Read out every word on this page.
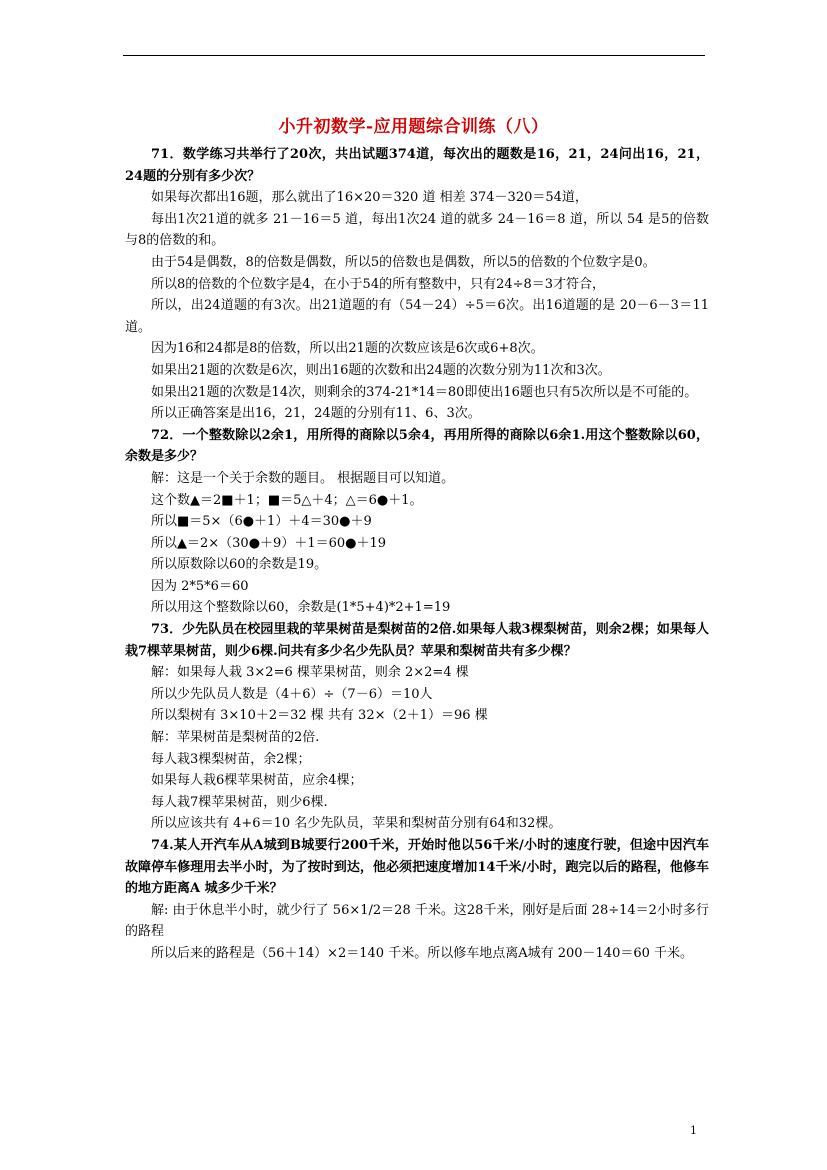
小升初数学-应用题综合训练（八）

71．数学练习共举行了20次，共出试题374道，每次出的题数是16，21，24问出16，21，24题的分别有多少次？

如果每次都出16题，那么就出了16×20＝320 道 相差 374－320＝54道，

每出1次21道的就多 21－16＝5 道，每出1次24 道的就多 24－16＝8 道，所以 54 是5的倍数与8的倍数的和。

由于54是偶数，8的倍数是偶数，所以5的倍数也是偶数，所以5的倍数的个位数字是0。

所以8的倍数的个位数字是4，在小于54的所有整数中，只有24÷8＝3才符合，

所以，出24道题的有3次。出21道题的有（54－24）÷5＝6次。出16道题的是 20－6－3＝11道。

因为16和24都是8的倍数，所以出21题的次数应该是6次或6+8次。

如果出21题的次数是6次，则出16题的次数和出24题的次数分别为11次和3次。

如果出21题的次数是14次，则剩余的374-21*14＝80即使出16题也只有5次所以是不可能的。

所以正确答案是出16，21，24题的分别有11、6、3次。

72．一个整数除以2余1，用所得的商除以5余4，再用所得的商除以6余1.用这个整数除以60，余数是多少？

解：这是一个关于余数的题目。 根据题目可以知道。

这个数▲＝2■＋1；■＝5△＋4；△＝6●＋1。

所以■＝5×（6●＋1）＋4＝30●＋9

所以▲＝2×（30●＋9）＋1＝60●＋19

所以原数除以60的余数是19。

因为 2*5*6＝60

所以用这个整数除以60，余数是(1*5+4)*2+1=19

73．少先队员在校园里栽的苹果树苗是梨树苗的2倍.如果每人栽3棵梨树苗，则余2棵；如果每人栽7棵苹果树苗，则少6棵.问共有多少名少先队员？苹果和梨树苗共有多少棵？

解：如果每人栽 3×2=6 棵苹果树苗，则余 2×2=4 棵

所以少先队员人数是（4＋6）÷（7－6）＝10人

所以梨树有 3×10＋2＝32 棵 共有 32×（2＋1）＝96 棵

解：苹果树苗是梨树苗的2倍.

每人栽3棵梨树苗，余2棵；

如果每人栽6棵苹果树苗，应余4棵；

每人栽7棵苹果树苗，则少6棵.

所以应该共有 4+6＝10 名少先队员，苹果和梨树苗分别有64和32棵。

74.某人开汽车从A城到B城要行200千米，开始时他以56千米/小时的速度行驶，但途中因汽车故障停车修理用去半小时，为了按时到达，他必须把速度增加14千米/小时，跑完以后的路程，他修车的地方距离A 城多少千米？

解: 由于休息半小时，就少行了 56×1/2＝28 千米。这28千米，刚好是后面 28÷14＝2小时多行的路程

所以后来的路程是（56＋14）×2＝140 千米。所以修车地点离A城有 200－140＝60 千米。

1
